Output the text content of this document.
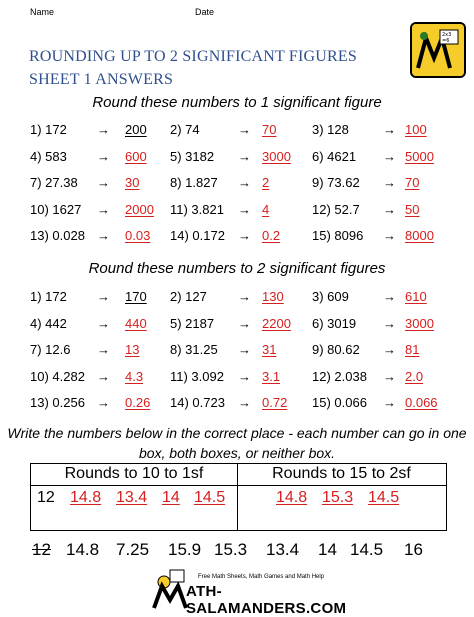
Name	Date
ROUNDING UP TO 2 SIGNIFICANT FIGURES
SHEET 1 ANSWERS
2x3
=6
Round these numbers to 1 significant figure
1) 172 → 200 2) 74	→ 70	3) 128	→ 100
4) 583 → 600 5) 3182 → 3000 6) 4621 → 5000
7) 27.38 → 30 8) 1.827 → 2	9) 73.62 → 70
10) 1627 → 2000 11) 3.821 → 4	12) 52.7 → 50
13) 0.028 → 0.03 14) 0.172 → 0.2 15) 8096 → 8000
Round these numbers to 2 significant figures
1) 172 → 170 2) 127 → 130 3) 609	→ 610
4) 442 → 440 5) 2187 → 2200 6) 3019 → 3000
7) 12.6 → 13 8) 31.25 → 31	9) 80.62 → 81
10) 4.282 → 4.3 11) 3.092 → 3.1 12) 2.038 → 2.0
13) 0.256 → 0.26 14) 0.723 → 0.72 15) 0.066 → 0.066
Write the numbers below in the correct place - each number can go in one
box, both boxes, or neither box.
Rounds to 10 to 1sf	Rounds to 15 to 2sf
12 14.8 13.4 14 14.5	14.8 15.3 14.5
12 14.8 7.25 15.9 15.3 13.4 14 14.5 16
Free Math Sheets, Math Games and Math Help
ATH-SALAMANDERS.COM
